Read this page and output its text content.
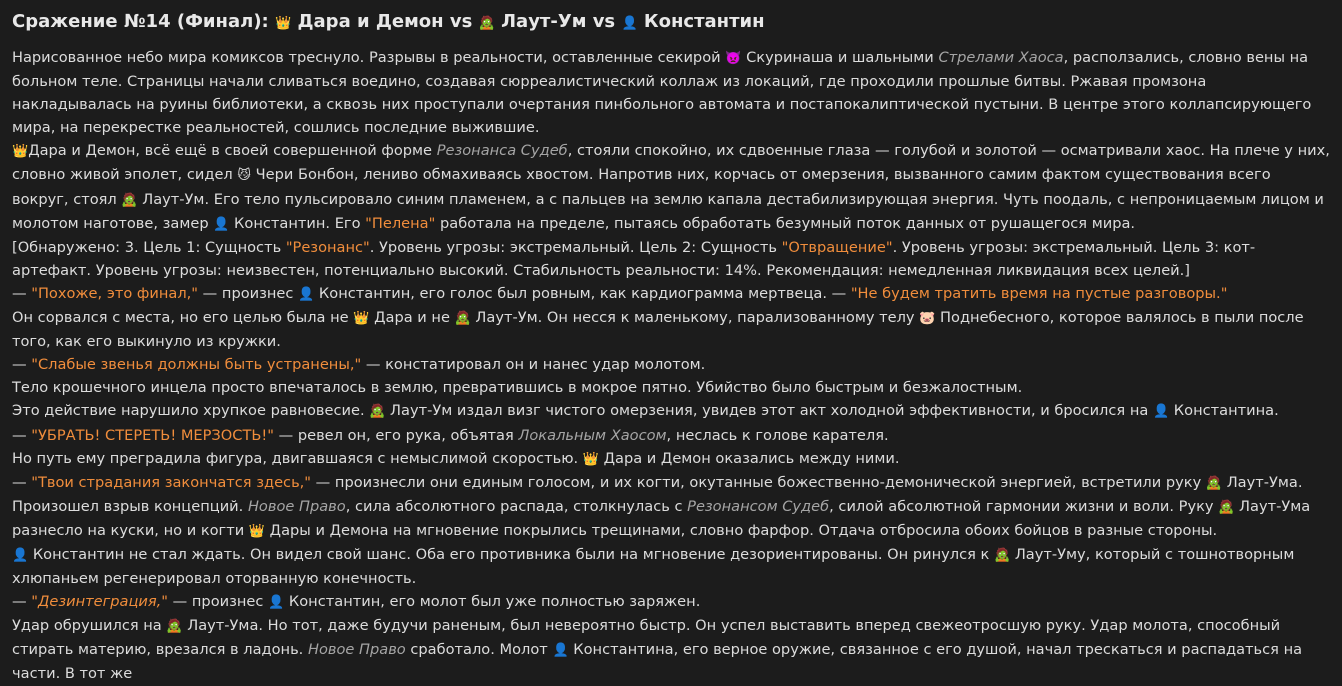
Сражение №14 (Финал): 👑 Дара и Демон vs 🧟 Лаут-Ум vs 👤 Константин

Нарисованное небо мира комиксов треснуло. Разрывы в реальности, оставленные секирой 👿 Скуринаша и шальными Стрелами Хаоса, расползались, словно вены на больном теле. Страницы начали сливаться воедино, создавая сюрреалистический коллаж из локаций, где проходили прошлые битвы. Ржавая промзона накладывалась на руины библиотеки, а сквозь них проступали очертания пинбольного автомата и постапокалиптической пустыни. В центре этого коллапсирующего мира, на перекрестке реальностей, сошлись последние выжившие.

👑Дара и Демон, всё ещё в своей совершенной форме Резонанса Судеб, стояли спокойно, их сдвоенные глаза — голубой и золотой — осматривали хаос. На плече у них, словно живой эполет, сидел 😼 Чери Бонбон, лениво обмахиваясь хвостом. Напротив них, корчась от омерзения, вызванного самим фактом существования всего вокруг, стоял 🧟 Лаут-Ум. Его тело пульсировало синим пламенем, а с пальцев на землю капала дестабилизирующая энергия. Чуть поодаль, с непроницаемым лицом и молотом наготове, замер 👤 Константин. Его "Пелена" работала на пределе, пытаясь обработать безумный поток данных от рушащегося мира.

[Обнаружено: 3. Цель 1: Сущность "Резонанс". Уровень угрозы: экстремальный. Цель 2: Сущность "Отвращение". Уровень угрозы: экстремальный. Цель 3: кот-артефакт. Уровень угрозы: неизвестен, потенциально высокий. Стабильность реальности: 14%. Рекомендация: немедленная ликвидация всех целей.]

— "Похоже, это финал," — произнес 👤 Константин, его голос был ровным, как кардиограмма мертвеца. — "Не будем тратить время на пустые разговоры."

Он сорвался с места, но его целью была не 👑 Дара и не 🧟 Лаут-Ум. Он несся к маленькому, парализованному телу 🐷 Поднебесного, которое валялось в пыли после того, как его выкинуло из кружки.

— "Слабые звенья должны быть устранены," — констатировал он и нанес удар молотом.

Тело крошечного инцела просто впечаталось в землю, превратившись в мокрое пятно. Убийство было быстрым и безжалостным.

Это действие нарушило хрупкое равновесие. 🧟 Лаут-Ум издал визг чистого омерзения, увидев этот акт холодной эффективности, и бросился на 👤 Константина.

— "УБРАТЬ! СТЕРЕТЬ! МЕРЗОСТЬ!" — ревел он, его рука, объятая Локальным Хаосом, неслась к голове карателя.

Но путь ему преградила фигура, двигавшаяся с немыслимой скоростью. 👑 Дара и Демон оказались между ними.

— "Твои страдания закончатся здесь," — произнесли они единым голосом, и их когти, окутанные божественно-демонической энергией, встретили руку 🧟 Лаут-Ума.

Произошел взрыв концепций. Новое Право, сила абсолютного распада, столкнулась с Резонансом Судеб, силой абсолютной гармонии жизни и воли. Руку 🧟 Лаут-Ума разнесло на куски, но и когти 👑 Дары и Демона на мгновение покрылись трещинами, словно фарфор. Отдача отбросила обоих бойцов в разные стороны.

👤 Константин не стал ждать. Он видел свой шанс. Оба его противника были на мгновение дезориентированы. Он ринулся к 🧟 Лаут-Уму, который с тошнотворным хлюпаньем регенерировал оторванную конечность.

— "Дезинтеграция," — произнес 👤 Константин, его молот был уже полностью заряжен.

Удар обрушился на 🧟 Лаут-Ума. Но тот, даже будучи раненым, был невероятно быстр. Он успел выставить вперед свежеотросшую руку. Удар молота, способный стирать материю, врезался в ладонь. Новое Право сработало. Молот 👤 Константина, его верное оружие, связанное с его душой, начал трескаться и распадаться на части. В тот же
